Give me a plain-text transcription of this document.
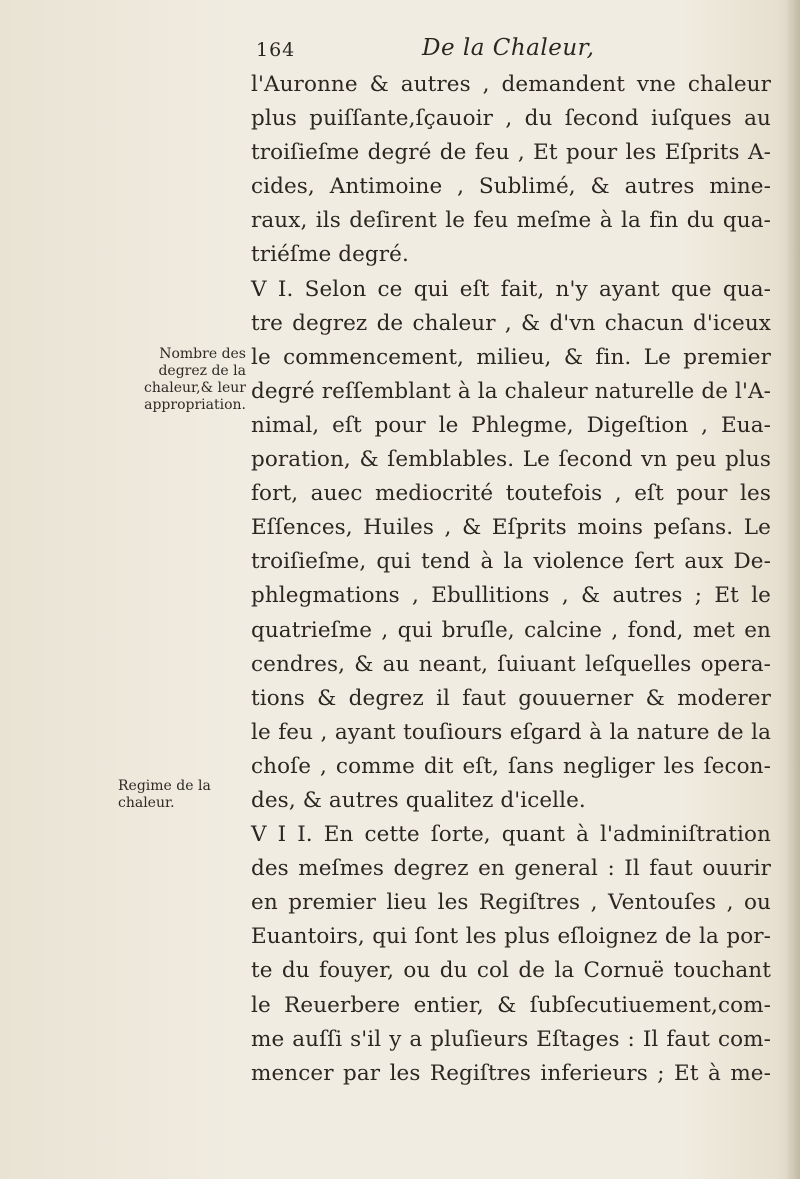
164	De la Chaleur,
Nombre des
degrez de la
chaleur,& leur
appropriation.
Regime de la
chaleur.
l'Auronne & autres , demandent vne chaleur
plus puiſſante,ſçauoir , du ſecond iuſques au
troiſieſme degré de feu , Et pour les Eſprits A-
cides, Antimoine , Sublimé, & autres mine-
raux, ils deſirent le feu meſme à la fin du qua-
triéſme degré.
V I. Selon ce qui eſt fait, n'y ayant que qua-
tre degrez de chaleur , & d'vn chacun d'iceux
le commencement, milieu, & fin. Le premier
degré reſſemblant à la chaleur naturelle de l'A-
nimal, eſt pour le Phlegme, Digeſtion , Eua-
poration, & ſemblables. Le ſecond vn peu plus
fort, auec mediocrité toutefois , eſt pour les
Eſſences, Huiles , & Eſprits moins peſans. Le
troiſieſme, qui tend à la violence ſert aux De-
phlegmations , Ebullitions , & autres ; Et le
quatrieſme , qui bruſle, calcine , fond, met en
cendres, & au neant, ſuiuant leſquelles opera-
tions & degrez il faut gouuerner & moderer
le feu , ayant touſiours eſgard à la nature de la
choſe , comme dit eſt, ſans negliger les ſecon-
des, & autres qualitez d'icelle.
V I I. En cette ſorte, quant à l'adminiſtration
des meſmes degrez en general : Il faut ouurir
en premier lieu les Regiſtres , Ventouſes , ou
Euantoirs, qui ſont les plus eſloignez de la por-
te du fouyer, ou du col de la Cornuë touchant
le Reuerbere entier, & ſubſecutiuement,com-
me auſſi s'il y a pluſieurs Eſtages : Il faut com-
mencer par les Regiſtres inferieurs ; Et à me-
